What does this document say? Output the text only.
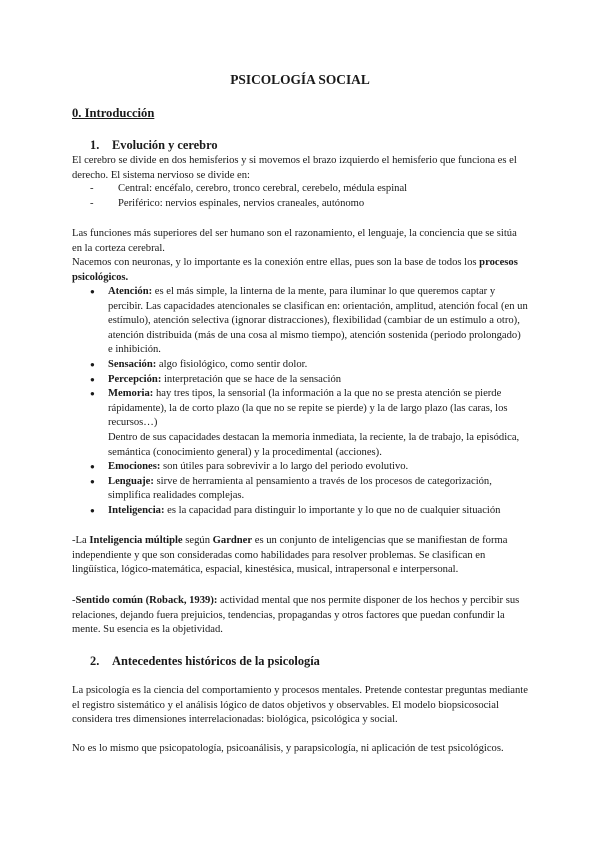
PSICOLOGÍA SOCIAL
0. Introducción
1. Evolución y cerebro

El cerebro se divide en dos hemisferios y si movemos el brazo izquierdo el hemisferio que funciona es el derecho. El sistema nervioso se divide en:

- Central: encéfalo, cerebro, tronco cerebral, cerebelo, médula espinal
- Periférico: nervios espinales, nervios craneales, autónomo

Las funciones más superiores del ser humano son el razonamiento, el lenguaje, la conciencia que se sitúa en la corteza cerebral.

Nacemos con neuronas, y lo importante es la conexión entre ellas, pues son la base de todos los procesos psicológicos.

● Atención: es el más simple, la linterna de la mente, para iluminar lo que queremos captar y percibir. Las capacidades atencionales se clasifican en: orientación, amplitud, atención focal (en un estímulo), atención selectiva (ignorar distracciones), flexibilidad (cambiar de un estímulo a otro), atención distribuida (más de una cosa al mismo tiempo), atención sostenida (periodo prolongado) e inhibición.
● Sensación: algo fisiológico, como sentir dolor.
● Percepción: interpretación que se hace de la sensación
● Memoria: hay tres tipos, la sensorial (la información a la que no se presta atención se pierde rápidamente), la de corto plazo (la que no se repite se pierde) y la de largo plazo (las caras, los recursos…)
Dentro de sus capacidades destacan la memoria inmediata, la reciente, la de trabajo, la episódica, semántica (conocimiento general) y la procedimental (acciones).
● Emociones: son útiles para sobrevivir a lo largo del periodo evolutivo.
● Lenguaje: sirve de herramienta al pensamiento a través de los procesos de categorización, simplifica realidades complejas.
● Inteligencia: es la capacidad para distinguir lo importante y lo que no de cualquier situación

-La Inteligencia múltiple según Gardner es un conjunto de inteligencias que se manifiestan de forma independiente y que son consideradas como habilidades para resolver problemas. Se clasifican en lingüística, lógico-matemática, espacial, kinestésica, musical, intrapersonal e interpersonal.

-Sentido común (Roback, 1939): actividad mental que nos permite disponer de los hechos y percibir sus relaciones, dejando fuera prejuicios, tendencias, propagandas y otros factores que puedan confundir la mente. Su esencia es la objetividad.

2. Antecedentes históricos de la psicología

La psicología es la ciencia del comportamiento y procesos mentales. Pretende contestar preguntas mediante el registro sistemático y el análisis lógico de datos objetivos y observables. El modelo biopsicosocial considera tres dimensiones interrelacionadas: biológica, psicológica y social.

No es lo mismo que psicopatología, psicoanálisis, y parapsicología, ni aplicación de test psicológicos.
